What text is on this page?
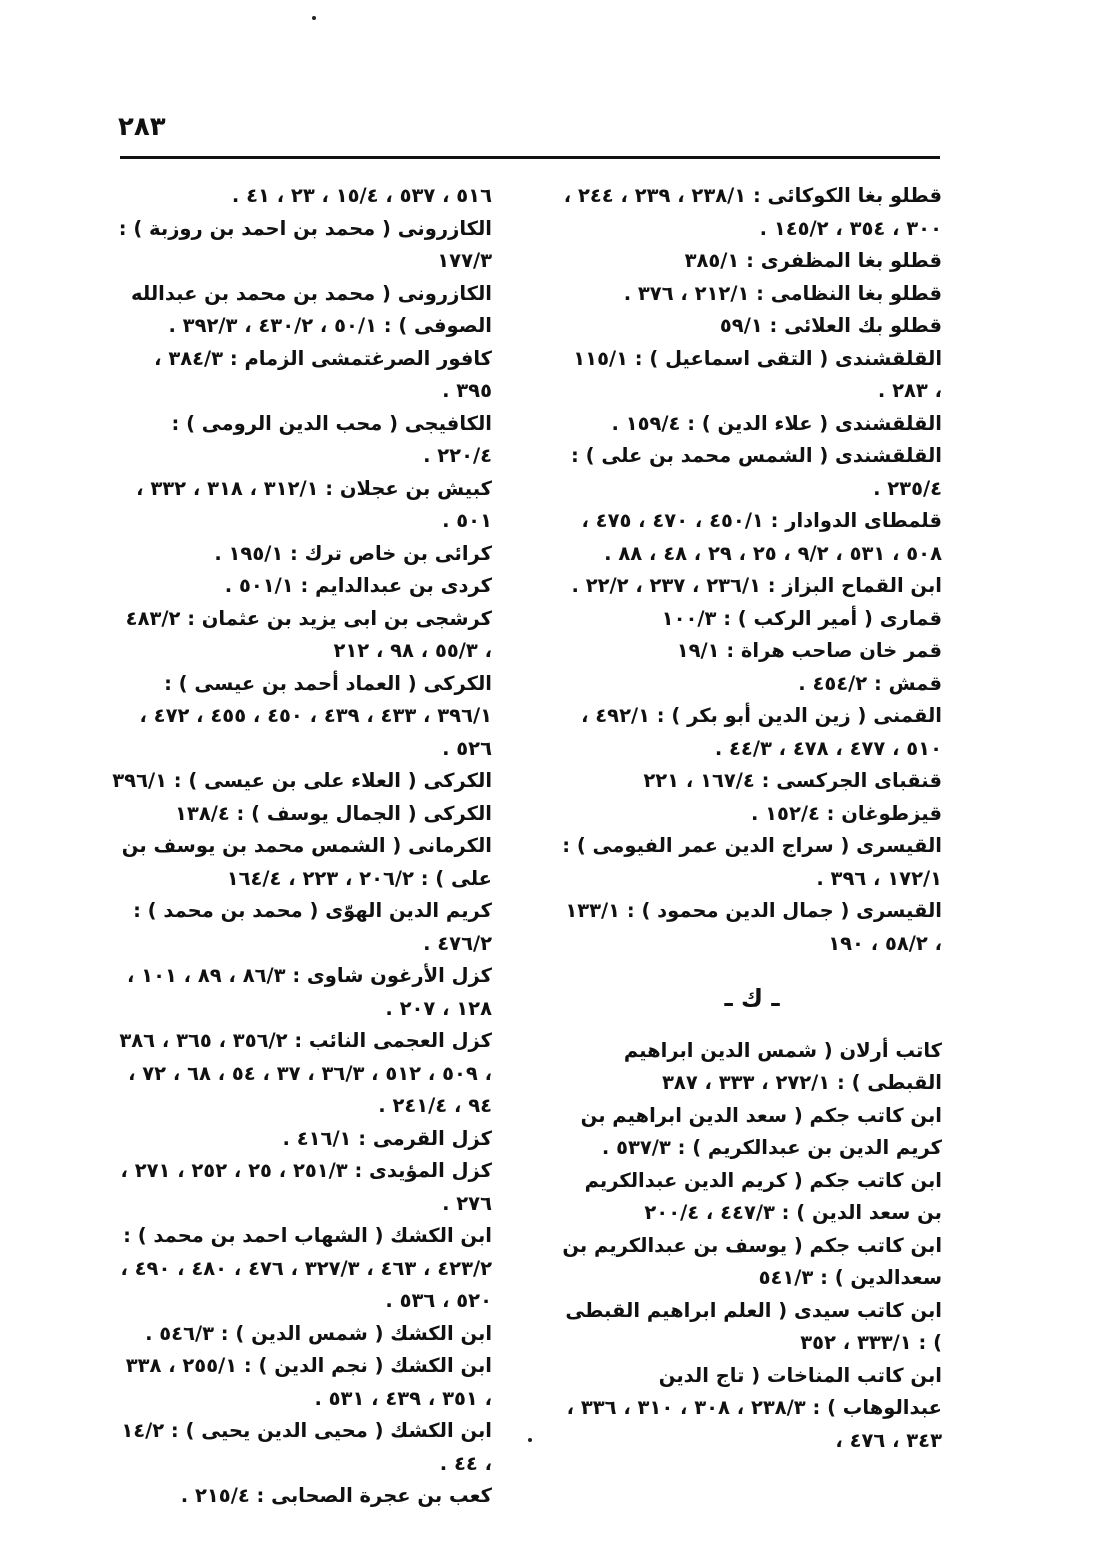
٢٨٣

قطلو بغا الكوكائى : ٢٣٨/١ ، ٢٣٩ ، ٢٤٤ ، ٣٠٠ ، ٣٥٤ ، ١٤٥/٢ .

قطلو بغا المظفرى : ٣٨٥/١

قطلو بغا النظامى : ٢١٢/١ ، ٣٧٦ .

قطلو بك العلائى : ٥٩/١

القلقشندى ( التقى اسماعيل ) : ١١٥/١ ، ٢٨٣ .

القلقشندى ( علاء الدين ) : ١٥٩/٤ .

القلقشندى ( الشمس محمد بن على ) : ٢٣٥/٤ .

قلمطاى الدوادار : ٤٥٠/١ ، ٤٧٠ ، ٤٧٥ ، ٥٠٨ ، ٥٣١ ، ٩/٢ ، ٢٥ ، ٢٩ ، ٤٨ ، ٨٨ .

ابن القماح البزاز : ٢٣٦/١ ، ٢٣٧ ، ٢٢/٢ .

قمارى ( أمير الركب ) : ١٠٠/٣

قمر خان صاحب هراة : ١٩/١

قمش : ٤٥٤/٢ .

القمنى ( زين الدين أبو بكر ) : ٤٩٢/١ ، ٥١٠ ، ٤٧٧ ، ٤٧٨ ، ٤٤/٣ .

قنقباى الجركسى : ١٦٧/٤ ، ٢٢١

قيزطوغان : ١٥٢/٤ .

القيسرى ( سراج الدين عمر الفيومى ) : ١٧٢/١ ، ٣٩٦ .

القيسرى ( جمال الدين محمود ) : ١٣٣/١ ، ٥٨/٢ ، ١٩٠

ـ ك ـ

كاتب أرلان ( شمس الدين ابراهيم القبطى ) : ٢٧٢/١ ، ٣٣٣ ، ٣٨٧

ابن كاتب جكم ( سعد الدين ابراهيم بن كريم الدين بن عبدالكريم ) : ٥٣٧/٣ .

ابن كاتب جكم ( كريم الدين عبدالكريم بن سعد الدين ) : ٤٤٧/٣ ، ٢٠٠/٤

ابن كاتب جكم ( يوسف بن عبدالكريم بن سعدالدين ) : ٥٤١/٣

ابن كاتب سيدى ( العلم ابراهيم القبطى ) : ٣٣٣/١ ، ٣٥٢

ابن كاتب المناخات ( تاج الدين عبدالوهاب ) : ٢٣٨/٣ ، ٣٠٨ ، ٣١٠ ، ٣٣٦ ، ٣٤٣ ، ٤٧٦ ،

٥١٦ ، ٥٣٧ ، ١٥/٤ ، ٢٣ ، ٤١ .

الكازرونى ( محمد بن احمد بن روزبة ) : ١٧٧/٣

الكازرونى ( محمد بن محمد بن عبدالله الصوفى ) : ٥٠/١ ، ٤٣٠/٢ ، ٣٩٢/٣ .

كافور الصرغتمشى الزمام : ٣٨٤/٣ ، ٣٩٥ .

الكافيجى ( محب الدين الرومى ) : ٢٢٠/٤ .

كبيش بن عجلان : ٣١٢/١ ، ٣١٨ ، ٣٣٢ ، ٥٠١ .

كرائى بن خاص ترك : ١٩٥/١ .

كردى بن عبدالدايم : ٥٠١/١ .

كرشجى بن ابى يزيد بن عثمان : ٤٨٣/٢ ، ٥٥/٣ ، ٩٨ ، ٢١٢

الكركى ( العماد أحمد بن عيسى ) : ٣٩٦/١ ، ٤٣٣ ، ٤٣٩ ، ٤٥٠ ، ٤٥٥ ، ٤٧٢ ، ٥٢٦ .

الكركى ( العلاء على بن عيسى ) : ٣٩٦/١

الكركى ( الجمال يوسف ) : ١٣٨/٤

الكرمانى ( الشمس محمد بن يوسف بن على ) : ٢٠٦/٢ ، ٢٢٣ ، ١٦٤/٤

كريم الدين الهوّى ( محمد بن محمد ) : ٤٧٦/٢ .

كزل الأرغون شاوى : ٨٦/٣ ، ٨٩ ، ١٠١ ، ١٢٨ ، ٢٠٧ .

كزل العجمى النائب : ٣٥٦/٢ ، ٣٦٥ ، ٣٨٦ ، ٥٠٩ ، ٥١٢ ، ٣٦/٣ ، ٣٧ ، ٥٤ ، ٦٨ ، ٧٢ ، ٩٤ ، ٢٤١/٤ .

كزل القرمى : ٤١٦/١ .

كزل المؤيدى : ٢٥١/٣ ، ٢٥ ، ٢٥٢ ، ٢٧١ ، ٢٧٦ .

ابن الكشك ( الشهاب احمد بن محمد ) : ٤٢٣/٢ ، ٤٦٣ ، ٣٢٧/٣ ، ٤٧٦ ، ٤٨٠ ، ٤٩٠ ، ٥٢٠ ، ٥٣٦ .

ابن الكشك ( شمس الدين ) : ٥٤٦/٣ .

ابن الكشك ( نجم الدين ) : ٢٥٥/١ ، ٣٣٨ ، ٣٥١ ، ٤٣٩ ، ٥٣١ .

ابن الكشك ( محيى الدين يحيى ) : ١٤/٢ ، ٤٤ .

كعب بن عجرة الصحابى : ٢١٥/٤ .
